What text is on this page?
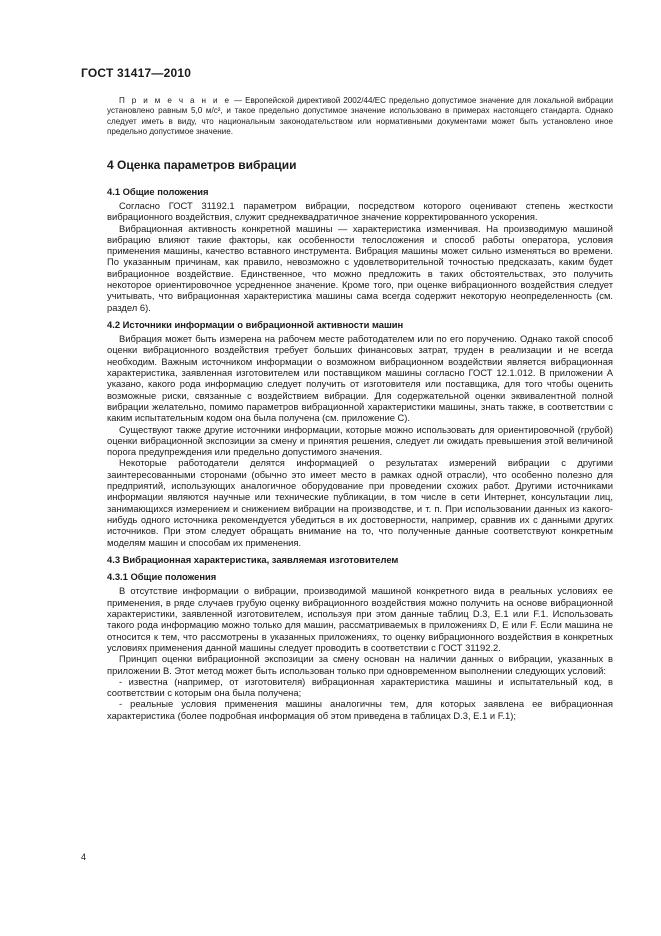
ГОСТ 31417—2010

П р и м е ч а н и е — Европейской директивой 2002/44/ЕС предельно допустимое значение для локальной вибрации установлено равным 5,0 м/с², и такое предельно допустимое значение использовано в примерах настоящего стандарта. Однако следует иметь в виду, что национальным законодательством или нормативными документами может быть установлено иное предельно допустимое значение.

4 Оценка параметров вибрации
4.1 Общие положения

Согласно ГОСТ 31192.1 параметром вибрации, посредством которого оценивают степень жесткости вибрационного воздействия, служит среднеквадратичное значение корректированного ускорения.

Вибрационная активность конкретной машины — характеристика изменчивая. На производимую машиной вибрацию влияют такие факторы, как особенности телосложения и способ работы оператора, условия применения машины, качество вставного инструмента. Вибрация машины может сильно изменяться во времени. По указанным причинам, как правило, невозможно с удовлетворительной точностью предсказать, каким будет вибрационное воздействие. Единственное, что можно предложить в таких обстоятельствах, это получить некоторое ориентировочное усредненное значение. Кроме того, при оценке вибрационного воздействия следует учитывать, что вибрационная характеристика машины сама всегда содержит некоторую неопределенность (см. раздел 6).

4.2 Источники информации о вибрационной активности машин

Вибрация может быть измерена на рабочем месте работодателем или по его поручению. Однако такой способ оценки вибрационного воздействия требует больших финансовых затрат, труден в реализации и не всегда необходим. Важным источником информации о возможном вибрационном воздействии является вибрационная характеристика, заявленная изготовителем или поставщиком машины согласно ГОСТ 12.1.012. В приложении А указано, какого рода информацию следует получить от изготовителя или поставщика, для того чтобы оценить возможные риски, связанные с воздействием вибрации. Для содержательной оценки эквивалентной полной вибрации желательно, помимо параметров вибрационной характеристики машины, знать также, в соответствии с каким испытательным кодом она была получена (см. приложение С).

Существуют также другие источники информации, которые можно использовать для ориентировочной (грубой) оценки вибрационной экспозиции за смену и принятия решения, следует ли ожидать превышения этой величиной порога предупреждения или предельно допустимого значения.

Некоторые работодатели делятся информацией о результатах измерений вибрации с другими заинтересованными сторонами (обычно это имеет место в рамках одной отрасли), что особенно полезно для предприятий, использующих аналогичное оборудование при проведении схожих работ. Другими источниками информации являются научные или технические публикации, в том числе в сети Интернет, консультации лиц, занимающихся измерением и снижением вибрации на производстве, и т. п. При использовании данных из какого-нибудь одного источника рекомендуется убедиться в их достоверности, например, сравнив их с данными других источников. При этом следует обращать внимание на то, что полученные данные соответствуют конкретным моделям машин и способам их применения.

4.3 Вибрационная характеристика, заявляемая изготовителем
4.3.1 Общие положения

В отсутствие информации о вибрации, производимой машиной конкретного вида в реальных условиях ее применения, в ряде случаев грубую оценку вибрационного воздействия можно получить на основе вибрационной характеристики, заявленной изготовителем, используя при этом данные таблиц D.3, Е.1 или F.1. Использовать такого рода информацию можно только для машин, рассматриваемых в приложениях D, Е или F. Если машина не относится к тем, что рассмотрены в указанных приложениях, то оценку вибрационного воздействия в конкретных условиях применения данной машины следует проводить в соответствии с ГОСТ 31192.2.

Принцип оценки вибрационной экспозиции за смену основан на наличии данных о вибрации, указанных в приложении В. Этот метод может быть использован только при одновременном выполнении следующих условий:

- известна (например, от изготовителя) вибрационная характеристика машины и испытательный код, в соответствии с которым она была получена;

- реальные условия применения машины аналогичны тем, для которых заявлена ее вибрационная характеристика (более подробная информация об этом приведена в таблицах D.3, Е.1 и F.1);

4
